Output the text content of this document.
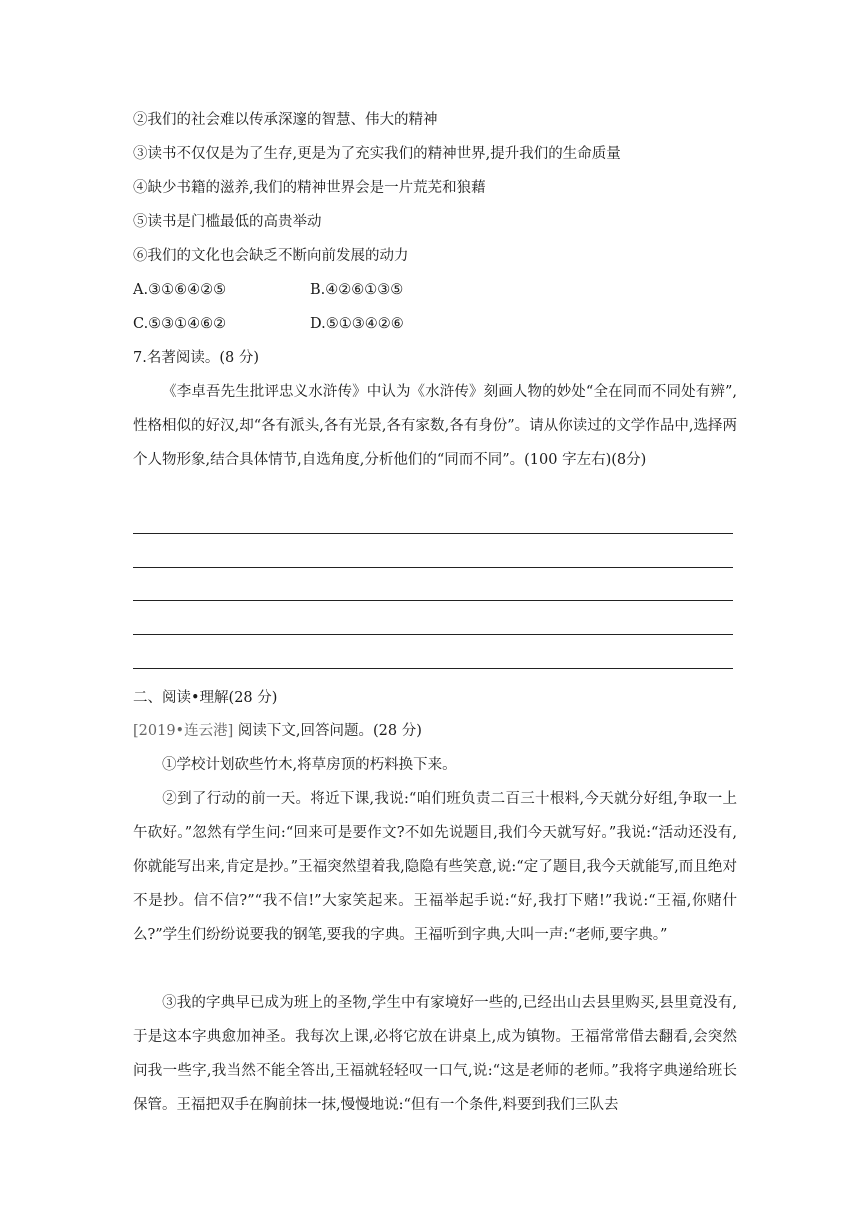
②我们的社会难以传承深邃的智慧、伟大的精神
③读书不仅仅是为了生存,更是为了充实我们的精神世界,提升我们的生命质量
④缺少书籍的滋养,我们的精神世界会是一片荒芜和狼藉
⑤读书是门槛最低的高贵举动
⑥我们的文化也会缺乏不断向前发展的动力
A.③①⑥④②⑤	B.④②⑥①③⑤
C.⑤③①④⑥②	D.⑤①③④②⑥
7.名著阅读。(8 分)
《李卓吾先生批评忠义水浒传》中认为《水浒传》刻画人物的妙处“全在同而不同处有辨”,性格相似的好汉,却“各有派头,各有光景,各有家数,各有身份”。请从你读过的文学作品中,选择两个人物形象,结合具体情节,自选角度,分析他们的“同而不同”。(100 字左右)(8分)
二、阅读•理解(28 分)
[2019•连云港] 阅读下文,回答问题。(28 分)
①学校计划砍些竹木,将草房顶的朽料换下来。
②到了行动的前一天。将近下课,我说:“咱们班负责二百三十根料,今天就分好组,争取一上午砍好。”忽然有学生问:“回来可是要作文?不如先说题目,我们今天就写好。”我说:“活动还没有,你就能写出来,肯定是抄。”王福突然望着我,隐隐有些笑意,说:“定了题目,我今天就能写,而且绝对不是抄。信不信?”“我不信!”大家笑起来。王福举起手说:“好,我打下赌!”我说:“王福,你赌什么?”学生们纷纷说要我的钢笔,要我的字典。王福听到字典,大叫一声:“老师,要字典。”
③我的字典早已成为班上的圣物,学生中有家境好一些的,已经出山去县里购买,县里竟没有,于是这本字典愈加神圣。我每次上课,必将它放在讲桌上,成为镇物。王福常常借去翻看,会突然问我一些字,我当然不能全答出,王福就轻轻叹一口气,说:“这是老师的老师。”我将字典递给班长保管。王福把双手在胸前抹一抹,慢慢地说:“但有一个条件,料要到我们三队去
